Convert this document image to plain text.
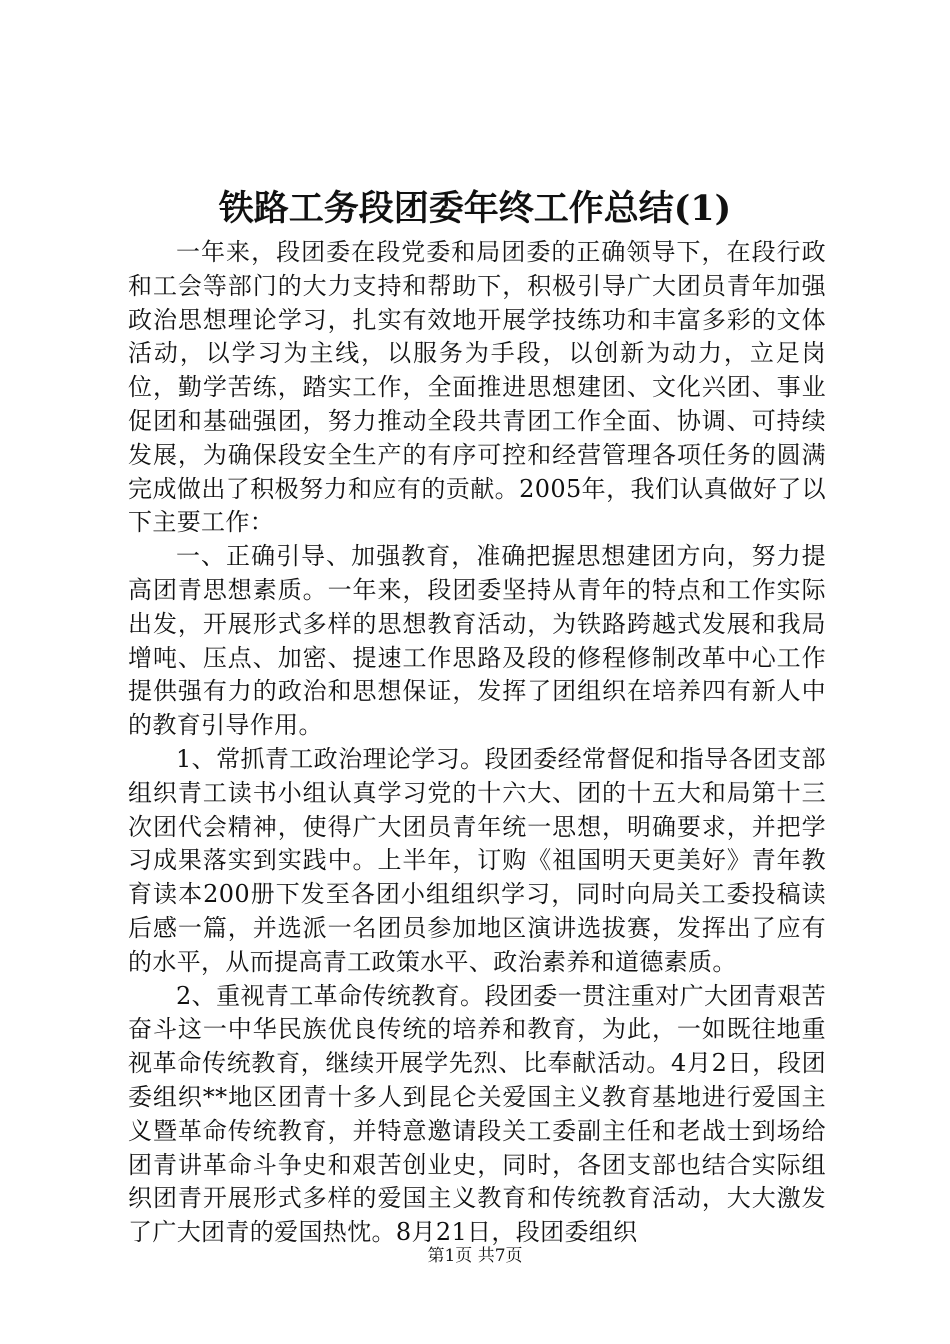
铁路工务段团委年终工作总结(1)

一年来，段团委在段党委和局团委的正确领导下，在段行政和工会等部门的大力支持和帮助下，积极引导广大团员青年加强政治思想理论学习，扎实有效地开展学技练功和丰富多彩的文体活动，以学习为主线，以服务为手段，以创新为动力，立足岗位，勤学苦练，踏实工作，全面推进思想建团、文化兴团、事业促团和基础强团，努力推动全段共青团工作全面、协调、可持续发展，为确保段安全生产的有序可控和经营管理各项任务的圆满完成做出了积极努力和应有的贡献。2005年，我们认真做好了以下主要工作：

一、正确引导、加强教育，准确把握思想建团方向，努力提高团青思想素质。一年来，段团委坚持从青年的特点和工作实际出发，开展形式多样的思想教育活动，为铁路跨越式发展和我局增吨、压点、加密、提速工作思路及段的修程修制改革中心工作提供强有力的政治和思想保证，发挥了团组织在培养四有新人中的教育引导作用。

1、常抓青工政治理论学习。段团委经常督促和指导各团支部组织青工读书小组认真学习党的十六大、团的十五大和局第十三次团代会精神，使得广大团员青年统一思想，明确要求，并把学习成果落实到实践中。上半年，订购《祖国明天更美好》青年教育读本200册下发至各团小组组织学习，同时向局关工委投稿读后感一篇，并选派一名团员参加地区演讲选拔赛，发挥出了应有的水平，从而提高青工政策水平、政治素养和道德素质。

2、重视青工革命传统教育。段团委一贯注重对广大团青艰苦奋斗这一中华民族优良传统的培养和教育，为此，一如既往地重视革命传统教育，继续开展学先烈、比奉献活动。4月2日，段团委组织**地区团青十多人到昆仑关爱国主义教育基地进行爱国主义暨革命传统教育，并特意邀请段关工委副主任和老战士到场给团青讲革命斗争史和艰苦创业史，同时，各团支部也结合实际组织团青开展形式多样的爱国主义教育和传统教育活动，大大激发了广大团青的爱国热忱。8月21日，段团委组织

第1页 共7页
